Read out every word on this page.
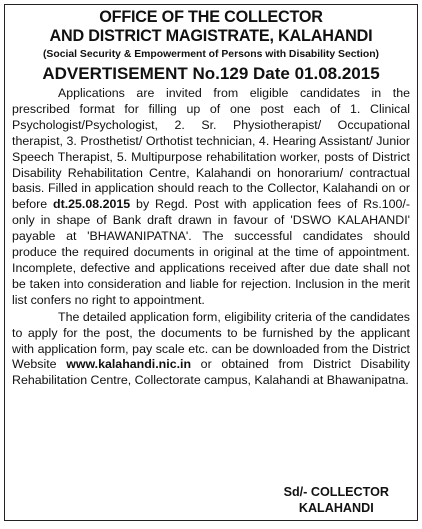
OFFICE OF THE COLLECTOR
AND DISTRICT MAGISTRATE, KALAHANDI
(Social Security & Empowerment of Persons with Disability Section)
ADVERTISEMENT No.129 Date 01.08.2015

Applications are invited from eligible candidates in the prescribed format for filling up of one post each of 1. Clinical Psychologist/Psychologist, 2. Sr. Physiotherapist/ Occupational therapist, 3. Prosthetist/ Orthotist technician, 4. Hearing Assistant/ Junior Speech Therapist, 5. Multipurpose rehabilitation worker, posts of District Disability Rehabilitation Centre, Kalahandi on honorarium/ contractual basis. Filled in application should reach to the Collector, Kalahandi on or before dt.25.08.2015 by Regd. Post with application fees of Rs.100/- only in shape of Bank draft drawn in favour of 'DSWO KALAHANDI' payable at 'BHAWANIPATNA'. The successful candidates should produce the required documents in original at the time of appointment. Incomplete, defective and applications received after due date shall not be taken into consideration and liable for rejection. Inclusion in the merit list confers no right to appointment.

The detailed application form, eligibility criteria of the candidates to apply for the post, the documents to be furnished by the applicant with application form, pay scale etc. can be downloaded from the District Website www.kalahandi.nic.in or obtained from District Disability Rehabilitation Centre, Collectorate campus, Kalahandi at Bhawanipatna.

Sd/- COLLECTOR
KALAHANDI
